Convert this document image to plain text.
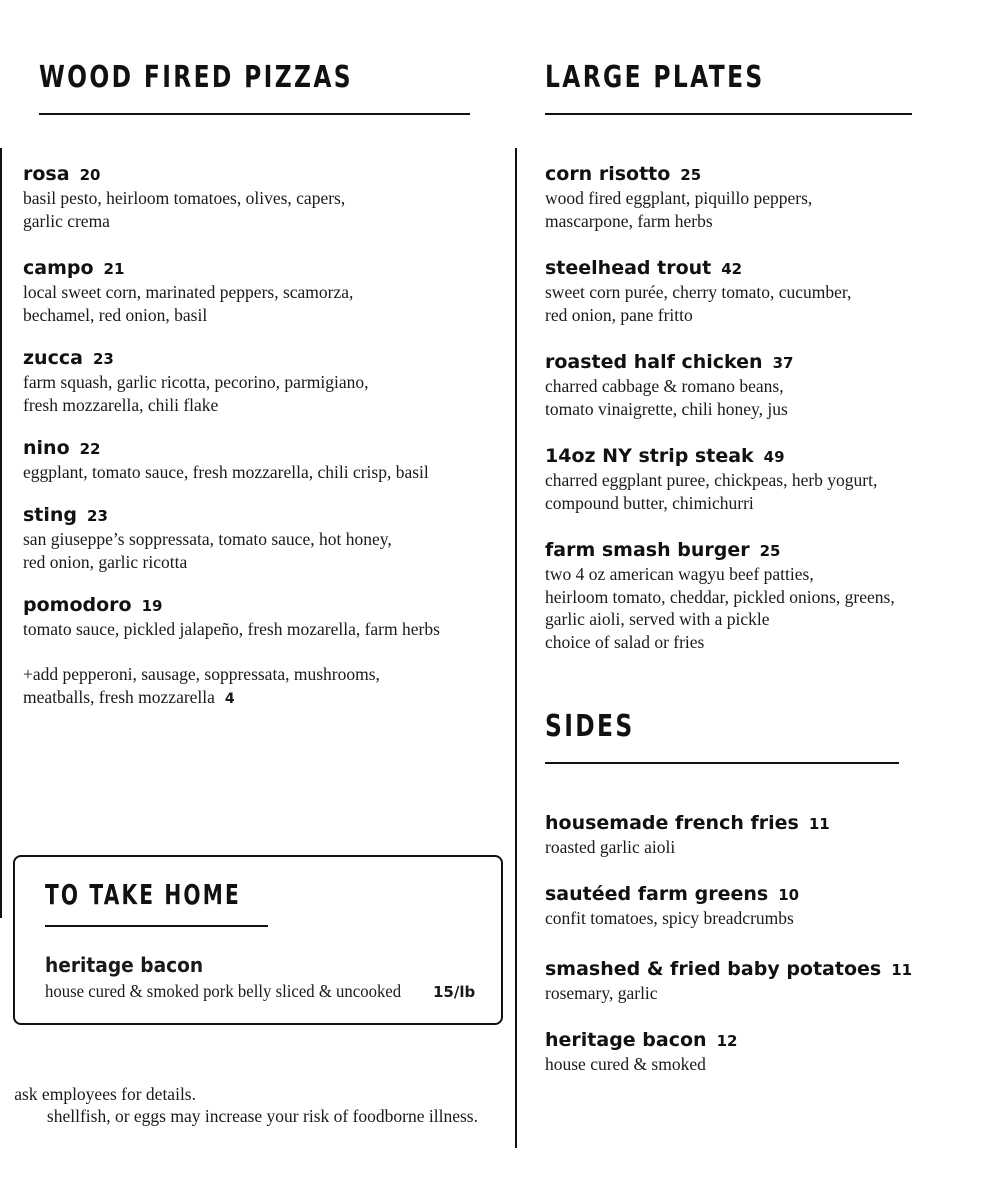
WOOD FIRED PIZZAS
rosa 20
basil pesto, heirloom tomatoes, olives, capers,
garlic crema
campo 21
local sweet corn, marinated peppers, scamorza,
bechamel, red onion, basil
zucca 23
farm squash, garlic ricotta, pecorino, parmigiano,
fresh mozzarella, chili flake
nino 22
eggplant, tomato sauce, fresh mozzarella, chili crisp, basil
sting 23
san giuseppe’s soppressata, tomato sauce, hot honey,
red onion, garlic ricotta
pomodoro 19
tomato sauce, pickled jalapeño, fresh mozarella, farm herbs
+add pepperoni, sausage, soppressata, mushrooms,
meatballs, fresh mozzarella 4
TO TAKE HOME
heritage bacon
house cured & smoked pork belly sliced & uncooked 15/lb
ask employees for details.
shellfish, or eggs may increase your risk of foodborne illness.
LARGE PLATES
corn risotto 25
wood fired eggplant, piquillo peppers,
mascarpone, farm herbs
steelhead trout 42
sweet corn purée, cherry tomato, cucumber,
red onion, pane fritto
roasted half chicken 37
charred cabbage & romano beans,
tomato vinaigrette, chili honey, jus
14oz NY strip steak 49
charred eggplant puree, chickpeas, herb yogurt,
compound butter, chimichurri
farm smash burger 25
two 4 oz american wagyu beef patties,
heirloom tomato, cheddar, pickled onions, greens,
garlic aioli, served with a pickle
choice of salad or fries
SIDES
housemade french fries 11
roasted garlic aioli
sautéed farm greens 10
confit tomatoes, spicy breadcrumbs
smashed & fried baby potatoes 11
rosemary, garlic
heritage bacon 12
house cured & smoked
